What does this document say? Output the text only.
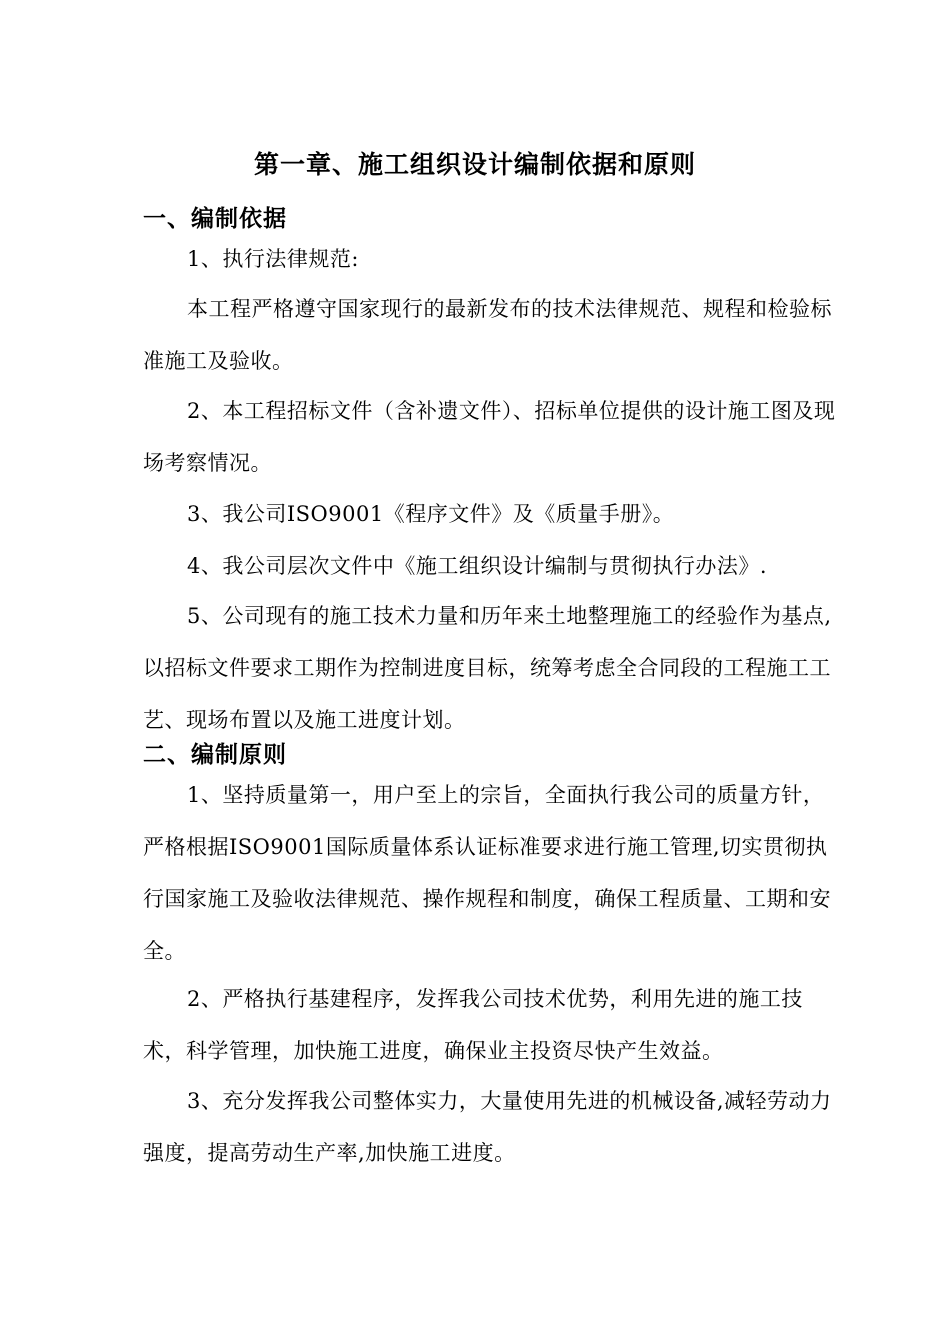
第一章、施工组织设计编制依据和原则
一、编制依据
1、执行法律规范:
本工程严格遵守国家现行的最新发布的技术法律规范、规程和检验标准施工及验收。
2、本工程招标文件（含补遗文件）、招标单位提供的设计施工图及现场考察情况。
3、我公司ISO9001《程序文件》及《质量手册》。
4、我公司层次文件中《施工组织设计编制与贯彻执行办法》.
5、公司现有的施工技术力量和历年来土地整理施工的经验作为基点,以招标文件要求工期作为控制进度目标，统筹考虑全合同段的工程施工工艺、现场布置以及施工进度计划。
二、编制原则
1、坚持质量第一，用户至上的宗旨，全面执行我公司的质量方针，严格根据ISO9001国际质量体系认证标准要求进行施工管理,切实贯彻执行国家施工及验收法律规范、操作规程和制度，确保工程质量、工期和安全。
2、严格执行基建程序，发挥我公司技术优势，利用先进的施工技术，科学管理，加快施工进度，确保业主投资尽快产生效益。
3、充分发挥我公司整体实力，大量使用先进的机械设备,减轻劳动力强度，提高劳动生产率,加快施工进度。
